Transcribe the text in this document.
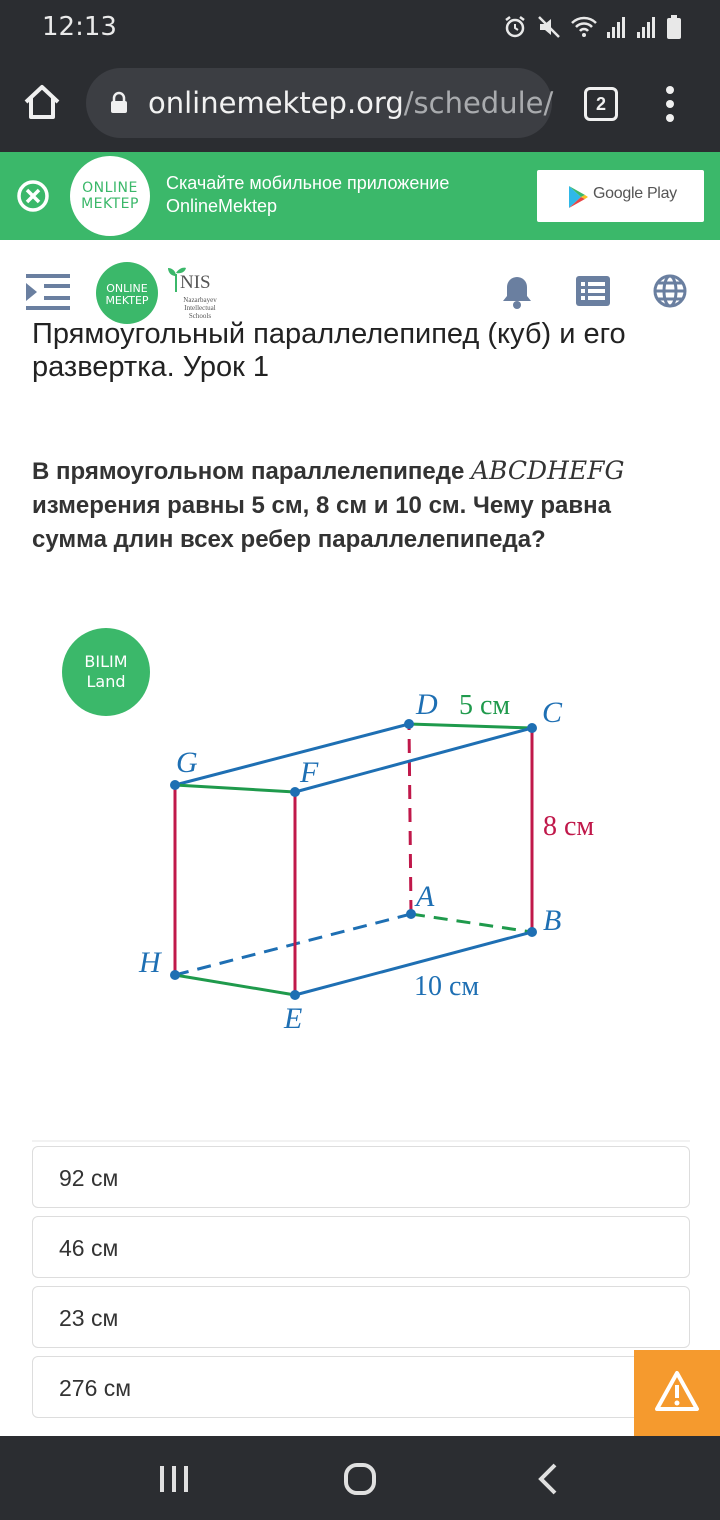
12:13
onlinemektep.org/schedule/	2
ONLINE
MEKTEP
Скачайте мобильное приложение
OnlineMektep
Google Play
ONLINE
MEKTEP
NIS
Nazarbayev
Intellectual
Schools
Прямоугольный параллелепипед (куб) и его развертка. Урок 1
В прямоугольном параллелепипеде ABCDHEFG измерения равны 5 см, 8 см и 10 см. Чему равна сумма длин всех ребер параллелепипеда?
BILIM
Land
D	C
G	F
A
B
H
E
5 см
8 см
10 см
92 см
46 см
23 см
276 см
